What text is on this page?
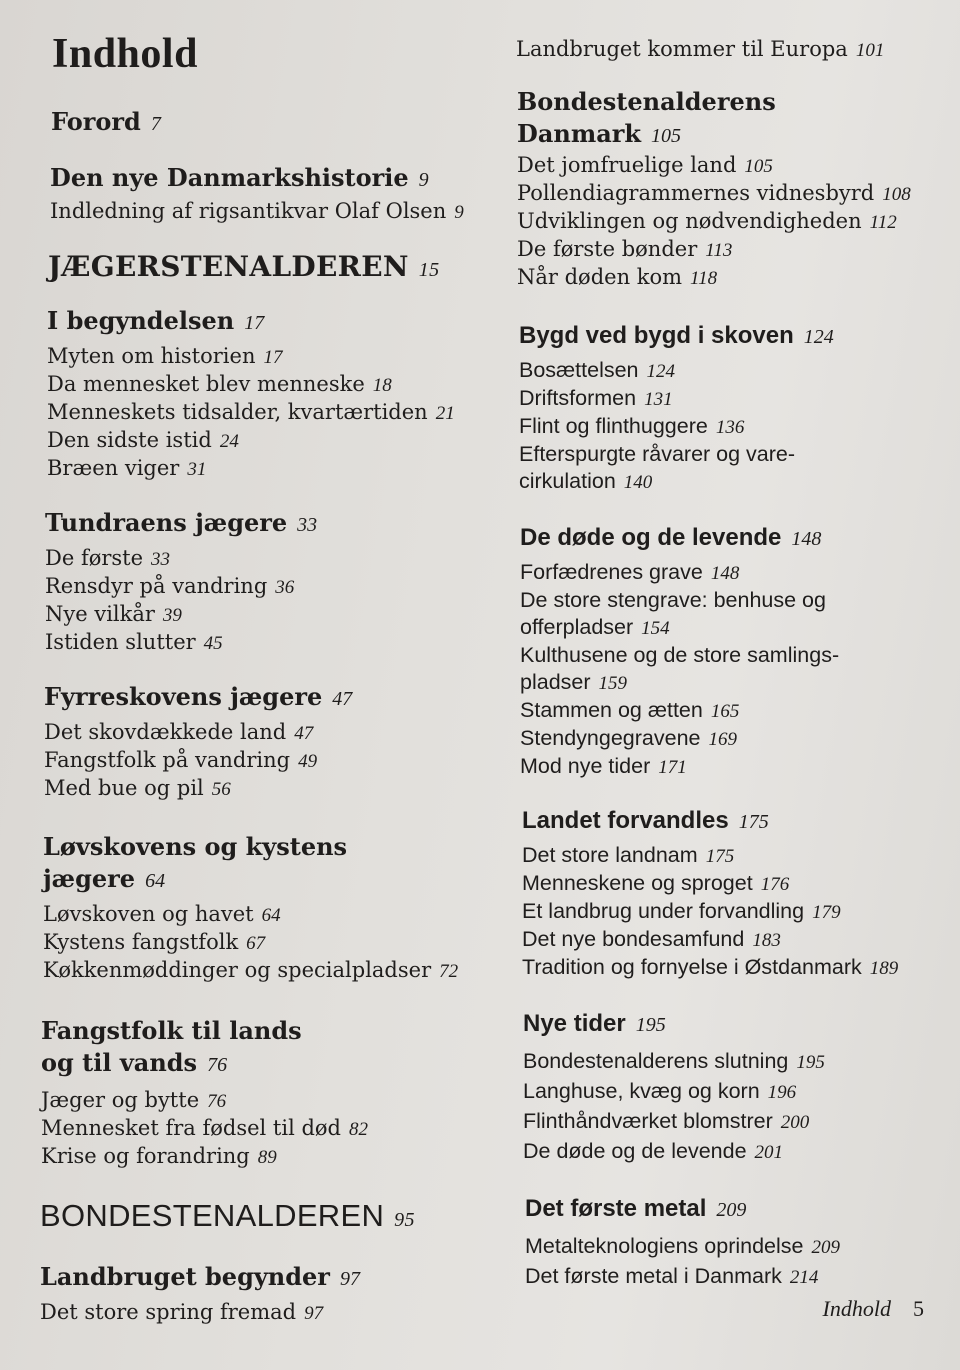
Indhold
Forord 7
Den nye Danmarkshistorie 9
Indledning af rigsantikvar Olaf Olsen 9
JÆGERSTENALDEREN 15
I begyndelsen 17
Myten om historien 17
Da mennesket blev menneske 18
Menneskets tidsalder, kvartærtiden 21
Den sidste istid 24
Bræen viger 31
Tundraens jægere 33
De første 33
Rensdyr på vandring 36
Nye vilkår 39
Istiden slutter 45
Fyrreskovens jægere 47
Det skovdækkede land 47
Fangstfolk på vandring 49
Med bue og pil 56
Løvskovens og kystens jægere 64
Løvskoven og havet 64
Kystens fangstfolk 67
Køkkenmøddinger og specialpladser 72
Fangstfolk til lands
og til vands 76
Jæger og bytte 76
Mennesket fra fødsel til død 82
Krise og forandring 89
BONDESTENALDEREN 95
Landbruget begynder 97
Det store spring fremad 97
Landbruget kommer til Europa 101
Bondestenalderens Danmark 105
Det jomfruelige land 105
Pollendiagrammernes vidnesbyrd 108
Udviklingen og nødvendigheden 112
De første bønder 113
Når døden kom 118
Bygd ved bygd i skoven 124
Bosættelsen 124
Driftsformen 131
Flint og flinthuggere 136
Efterspurgte råvarer og vare-
cirkulation 140
De døde og de levende 148
Forfædrenes grave 148
De store stengrave: benhuse og
offerpladser 154
Kulthusene og de store samlings-
pladser 159
Stammen og ætten 165
Stendyngegravene 169
Mod nye tider 171
Landet forvandles 175
Det store landnam 175
Menneskene og sproget 176
Et landbrug under forvandling 179
Det nye bondesamfund 183
Tradition og fornyelse i Østdanmark 189
Nye tider 195
Bondestenalderens slutning 195
Langhuse, kvæg og korn 196
Flinthåndværket blomstrer 200
De døde og de levende 201
Det første metal 209
Metalteknologiens oprindelse 209
Det første metal i Danmark 214
Indhold 5
